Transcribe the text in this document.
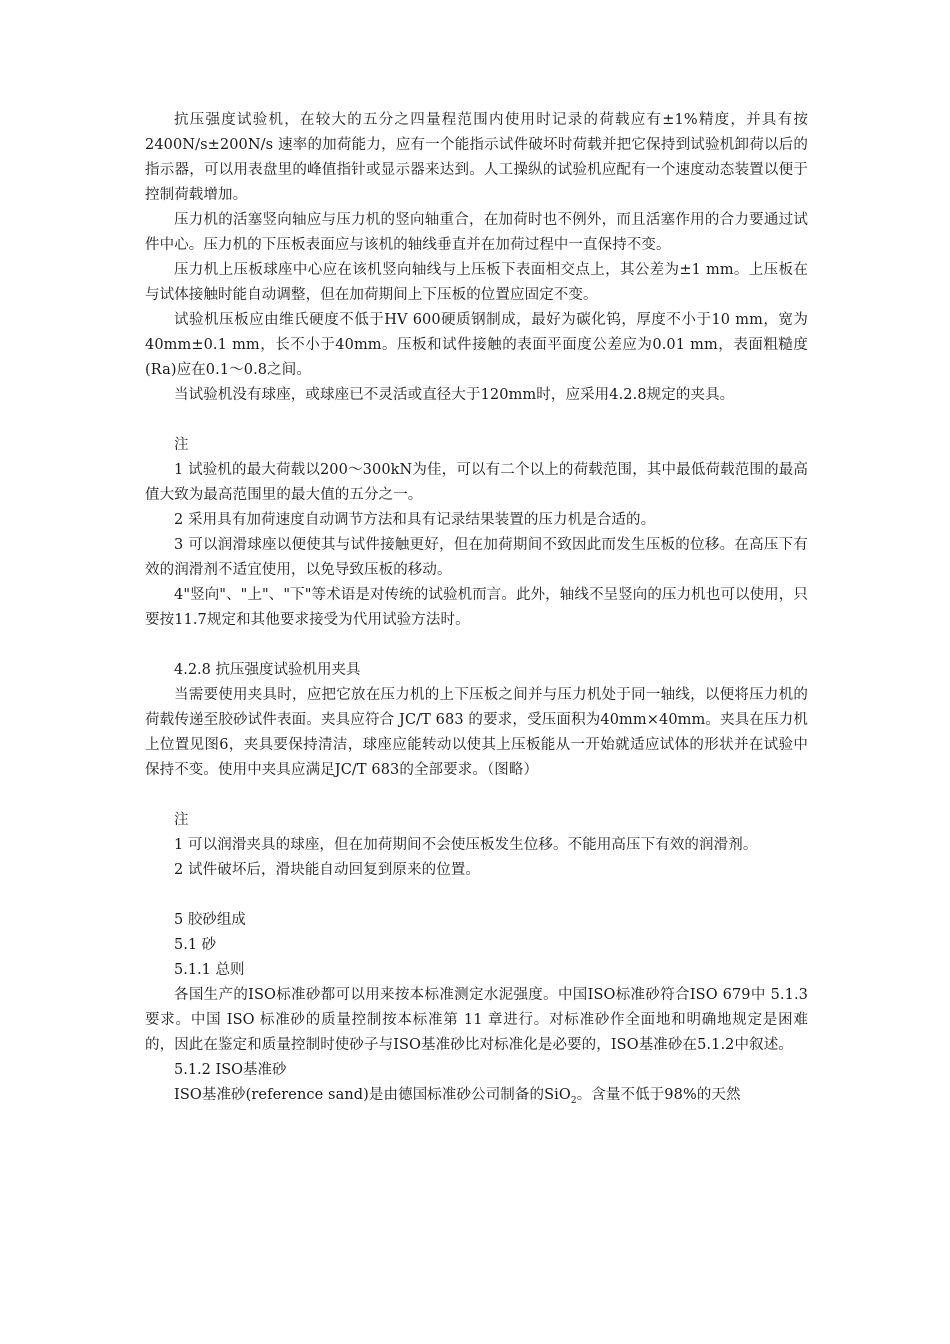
抗压强度试验机，在较大的五分之四量程范围内使用时记录的荷载应有±1%精度，并具有按 2400N/s±200N/s 速率的加荷能力，应有一个能指示试件破坏时荷载并把它保持到试验机卸荷以后的指示器，可以用表盘里的峰值指针或显示器来达到。人工操纵的试验机应配有一个速度动态装置以便于控制荷载增加。

压力机的活塞竖向轴应与压力机的竖向轴重合，在加荷时也不例外，而且活塞作用的合力要通过试件中心。压力机的下压板表面应与该机的轴线垂直并在加荷过程中一直保持不变。

压力机上压板球座中心应在该机竖向轴线与上压板下表面相交点上，其公差为±1 mm。上压板在与试体接触时能自动调整，但在加荷期间上下压板的位置应固定不变。

试验机压板应由维氏硬度不低于HV 600硬质钢制成，最好为碳化钨，厚度不小于10 mm，宽为 40mm±0.1 mm，长不小于40mm。压板和试件接触的表面平面度公差应为0.01 mm，表面粗糙度 (Ra)应在0.1～0.8之间。

当试验机没有球座，或球座已不灵活或直径大于120mm时，应采用4.2.8规定的夹具。

注

1 试验机的最大荷载以200～300kN为佳，可以有二个以上的荷载范围，其中最低荷载范围的最高值大致为最高范围里的最大值的五分之一。

2 采用具有加荷速度自动调节方法和具有记录结果装置的压力机是合适的。

3 可以润滑球座以便使其与试件接触更好，但在加荷期间不致因此而发生压板的位移。在高压下有效的润滑剂不适宜使用，以免导致压板的移动。

4"竖向"、"上"、"下"等术语是对传统的试验机而言。此外，轴线不呈竖向的压力机也可以使用，只要按11.7规定和其他要求接受为代用试验方法时。

4.2.8 抗压强度试验机用夹具

当需要使用夹具时，应把它放在压力机的上下压板之间并与压力机处于同一轴线，以便将压力机的荷载传递至胶砂试件表面。夹具应符合 JC/T 683 的要求，受压面积为40mm×40mm。夹具在压力机上位置见图6，夹具要保持清洁，球座应能转动以使其上压板能从一开始就适应试体的形状并在试验中保持不变。使用中夹具应满足JC/T 683的全部要求。（图略）

注

1 可以润滑夹具的球座，但在加荷期间不会使压板发生位移。不能用高压下有效的润滑剂。

2 试件破坏后，滑块能自动回复到原来的位置。

5 胶砂组成

5.1 砂

5.1.1 总则

各国生产的ISO标准砂都可以用来按本标准测定水泥强度。中国ISO标准砂符合ISO 679中 5.1.3 要求。中国 ISO 标准砂的质量控制按本标准第 11 章进行。对标准砂作全面地和明确地规定是困难的，因此在鉴定和质量控制时使砂子与ISO基准砂比对标准化是必要的，ISO基准砂在5.1.2中叙述。

5.1.2 ISO基准砂

ISO基准砂(reference sand)是由德国标准砂公司制备的SiO$_2$。含量不低于98%的天然
